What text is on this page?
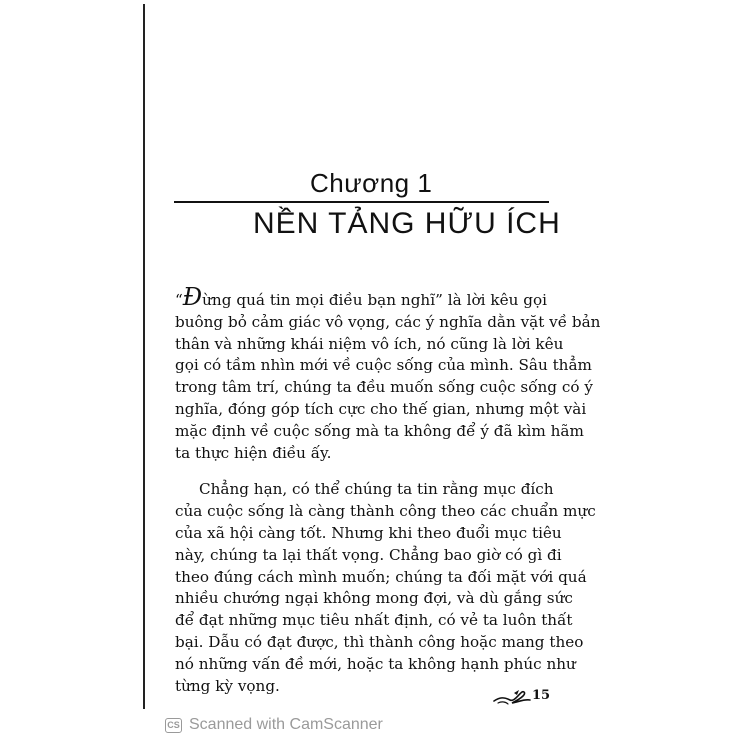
Chương 1
NỀN TẢNG HỮU ÍCH
“Đừng quá tin mọi điều bạn nghĩ” là lời kêu gọi
buông bỏ cảm giác vô vọng, các ý nghĩa dằn vặt về bản
thân và những khái niệm vô ích, nó cũng là lời kêu
gọi có tầm nhìn mới về cuộc sống của mình. Sâu thẳm
trong tâm trí, chúng ta đều muốn sống cuộc sống có ý
nghĩa, đóng góp tích cực cho thế gian, nhưng một vài
mặc định về cuộc sống mà ta không để ý đã kìm hãm
ta thực hiện điều ấy.
Chẳng hạn, có thể chúng ta tin rằng mục đích
của cuộc sống là càng thành công theo các chuẩn mực
của xã hội càng tốt. Nhưng khi theo đuổi mục tiêu
này, chúng ta lại thất vọng. Chẳng bao giờ có gì đi
theo đúng cách mình muốn; chúng ta đối mặt với quá
nhiều chướng ngại không mong đợi, và dù gắng sức
để đạt những mục tiêu nhất định, có vẻ ta luôn thất
bại. Dẫu có đạt được, thì thành công hoặc mang theo
nó những vấn đề mới, hoặc ta không hạnh phúc như
từng kỳ vọng.
15
CS Scanned with CamScanner
